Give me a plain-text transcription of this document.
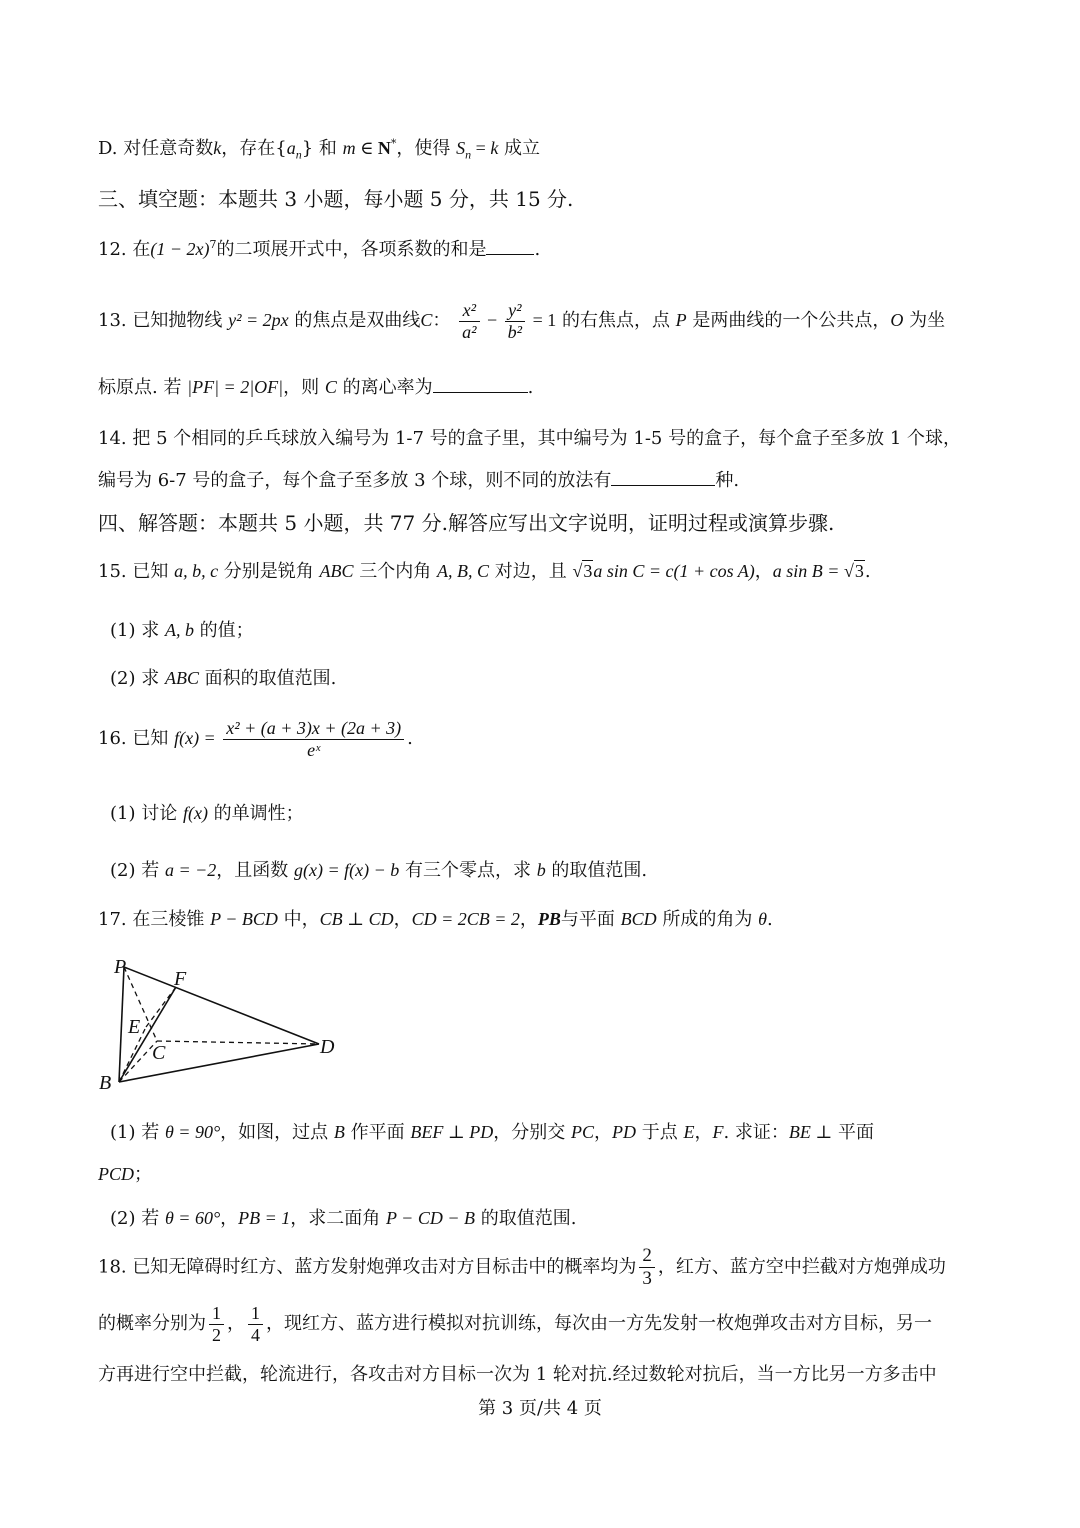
D. 对任意奇数k，存在$\{a_n\}$ 和 m ∈ N*，使得 $S_n = k$ 成立
三、填空题：本题共 3 小题，每小题 5 分，共 15 分.
12. 在$(1 - 2x)^7$的二项展开式中，各项系数的和是	.
13. 已知抛物线 y² = 2px 的焦点是双曲线C： $\frac{\text{x²}}{\text{a²}} - \frac{\text{y²}}{\text{b²}} = 1$ 的右焦点，点 P 是两曲线的一个公共点，O 为坐
标原点. 若 |PF| = 2|OF|，则 C 的离心率为	.
14. 把 5 个相同的乒乓球放入编号为 1-7 号的盒子里，其中编号为 1-5 号的盒子，每个盒子至多放 1 个球，
编号为 6-7 号的盒子，每个盒子至多放 3 个球，则不同的放法有	种.
四、解答题：本题共 5 小题，共 77 分.解答应写出文字说明，证明过程或演算步骤.
15. 已知 a, b, c 分别是锐角 ABC 三个内角 A, B, C 对边，且 √3a sin C = c(1 + cos A)，a sin B = √3.
(1) 求 A, b 的值；
(2) 求 ABC 面积的取值范围.
16. 已知 $f(x) = \frac{\text{x² + (a + 3)x + (2a + 3)}}{\text{eˣ}}$ .
(1) 讨论 f(x) 的单调性；
(2) 若 a = −2，且函数 g(x) = f(x) − b 有三个零点，求 b 的取值范围.
17. 在三棱锥 P − BCD 中，CB ⊥ CD，CD = 2CB = 2，PB与平面 BCD 所成的角为 θ.
P
F
E
C	D
B
(1) 若 θ = 90°，如图，过点 B 作平面 BEF ⊥ PD，分别交 PC，PD 于点 E，F. 求证：BE ⊥ 平面
PCD；
(2) 若 θ = 60°，PB = 1，求二面角 P − CD − B 的取值范围.
18. 已知无障碍时红方、蓝方发射炮弹攻击对方目标击中的概率均为 $\frac{2}{3}$ ，红方、蓝方空中拦截对方炮弹成功
的概率分别为 $\frac{1}{2}$ ， $\frac{1}{4}$ ，现红方、蓝方进行模拟对抗训练，每次由一方先发射一枚炮弹攻击对方目标，另一
方再进行空中拦截，轮流进行，各攻击对方目标一次为 1 轮对抗.经过数轮对抗后，当一方比另一方多击中
第 3 页/共 4 页
